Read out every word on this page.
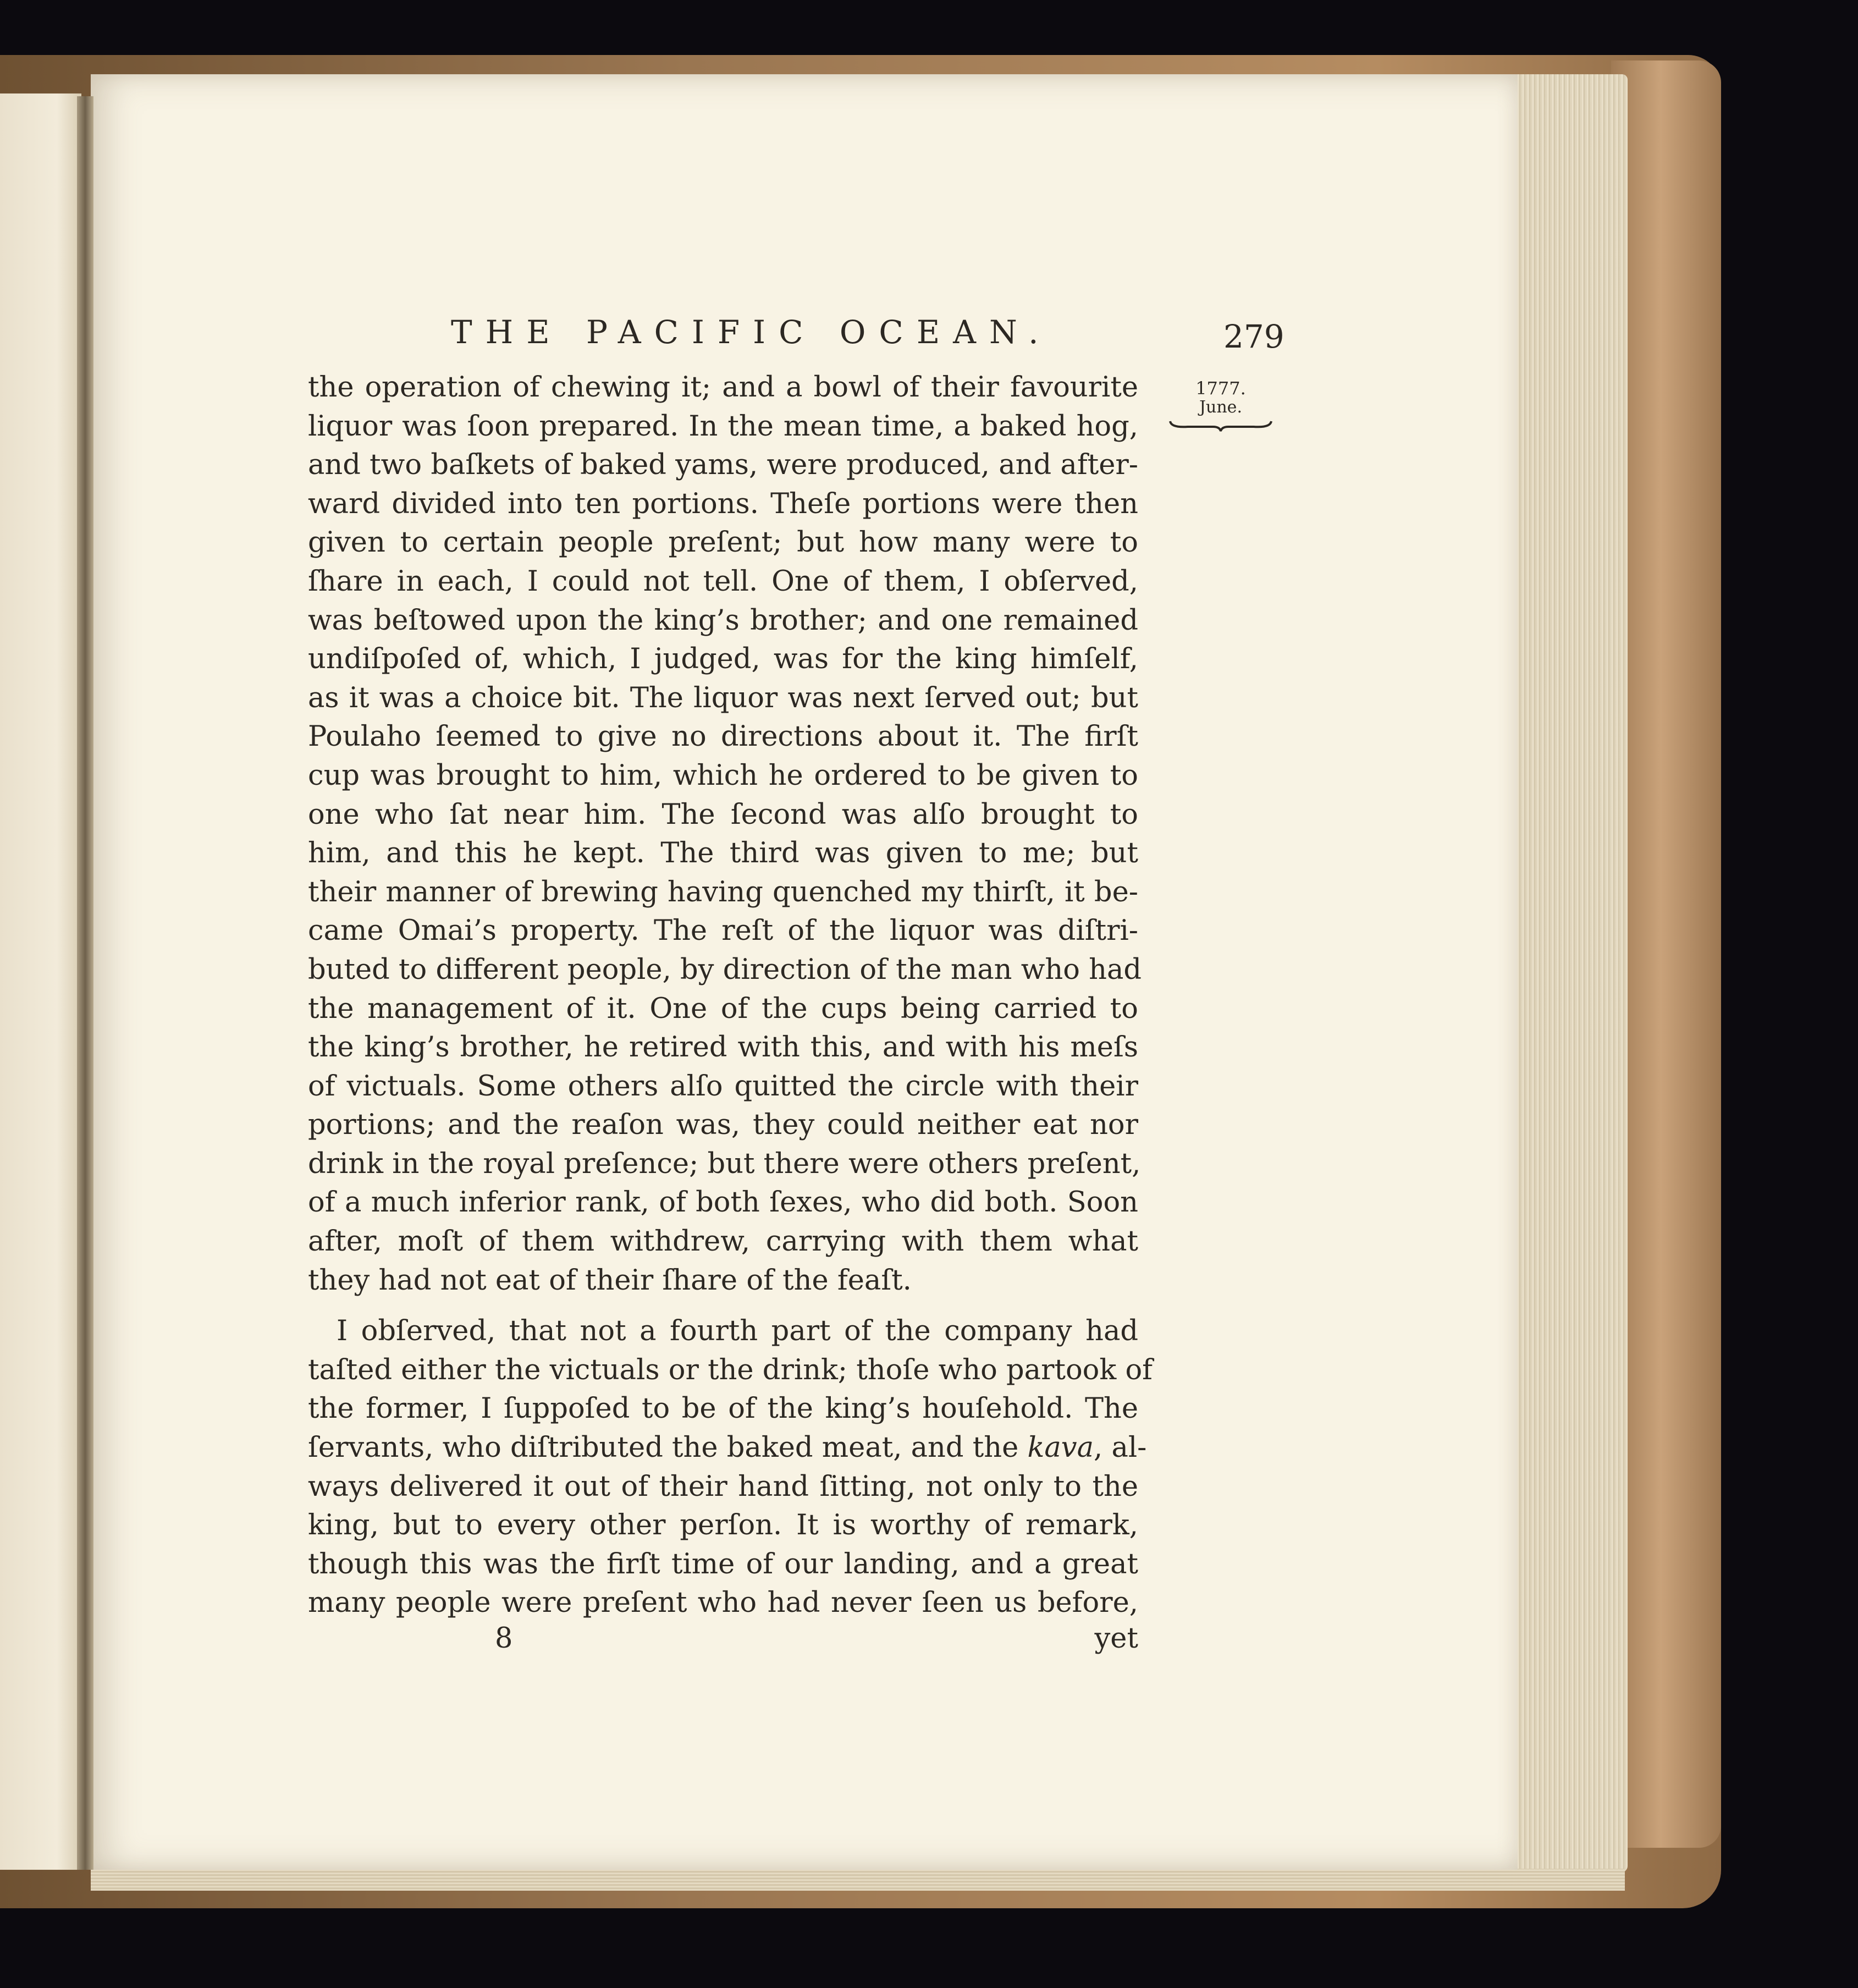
THE PACIFIC OCEAN.	279
1777.
June.

the operation of chewing it; and a bowl of their favourite
liquor was ſoon prepared. In the mean time, a baked hog,
and two baſkets of baked yams, were produced, and after-
ward divided into ten portions. Theſe portions were then
given to certain people preſent; but how many were to
ſhare in each, I could not tell. One of them, I obſerved,
was beſtowed upon the king’s brother; and one remained
undiſpoſed of, which, I judged, was for the king himſelf,
as it was a choice bit. The liquor was next ſerved out; but
Poulaho ſeemed to give no directions about it. The firſt
cup was brought to him, which he ordered to be given to
one who ſat near him. The ſecond was alſo brought to
him, and this he kept. The third was given to me; but
their manner of brewing having quenched my thirſt, it be-
came Omai’s property. The reſt of the liquor was diſtri-
buted to different people, by direction of the man who had
the management of it. One of the cups being carried to
the king’s brother, he retired with this, and with his meſs
of victuals. Some others alſo quitted the circle with their
portions; and the reaſon was, they could neither eat nor
drink in the royal preſence; but there were others preſent,
of a much inferior rank, of both ſexes, who did both. Soon
after, moſt of them withdrew, carrying with them what
they had not eat of their ſhare of the feaſt.

I obſerved, that not a fourth part of the company had
taſted either the victuals or the drink; thoſe who partook of
the former, I ſuppoſed to be of the king’s houſehold. The
ſervants, who diſtributed the baked meat, and the kava, al-
ways delivered it out of their hand ſitting, not only to the
king, but to every other perſon. It is worthy of remark,
though this was the firſt time of our landing, and a great
many people were preſent who had never ſeen us before,

8	yet
